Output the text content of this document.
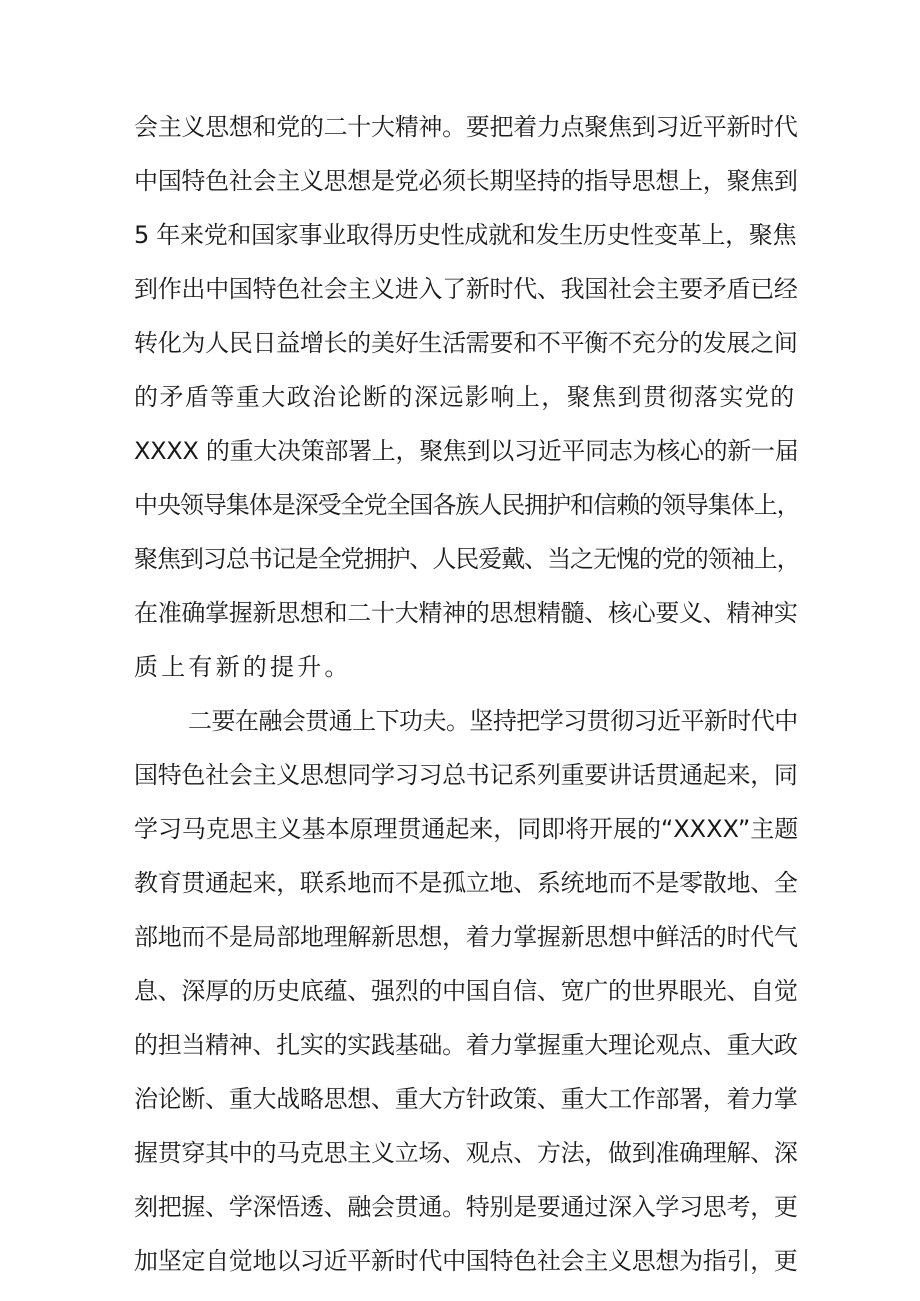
会主义思想和党的二十大精神。要把着力点聚焦到习近平新时代
中国特色社会主义思想是党必须长期坚持的指导思想上，聚焦到
5 年来党和国家事业取得历史性成就和发生历史性变革上，聚焦
到作出中国特色社会主义进入了新时代、我国社会主要矛盾已经
转化为人民日益增长的美好生活需要和不平衡不充分的发展之间
的矛盾等重大政治论断的深远影响上，聚焦到贯彻落实党的
XXXX 的重大决策部署上，聚焦到以习近平同志为核心的新一届
中央领导集体是深受全党全国各族人民拥护和信赖的领导集体上，
聚焦到习总书记是全党拥护、人民爱戴、当之无愧的党的领袖上，
在准确掌握新思想和二十大精神的思想精髓、核心要义、精神实
质上有新的提升。
二要在融会贯通上下功夫。坚持把学习贯彻习近平新时代中
国特色社会主义思想同学习习总书记系列重要讲话贯通起来，同
学习马克思主义基本原理贯通起来，同即将开展的“XXXX”主题
教育贯通起来，联系地而不是孤立地、系统地而不是零散地、全
部地而不是局部地理解新思想，着力掌握新思想中鲜活的时代气
息、深厚的历史底蕴、强烈的中国自信、宽广的世界眼光、自觉
的担当精神、扎实的实践基础。着力掌握重大理论观点、重大政
治论断、重大战略思想、重大方针政策、重大工作部署，着力掌
握贯穿其中的马克思主义立场、观点、方法，做到准确理解、深
刻把握、学深悟透、融会贯通。特别是要通过深入学习思考，更
加坚定自觉地以习近平新时代中国特色社会主义思想为指引，更
